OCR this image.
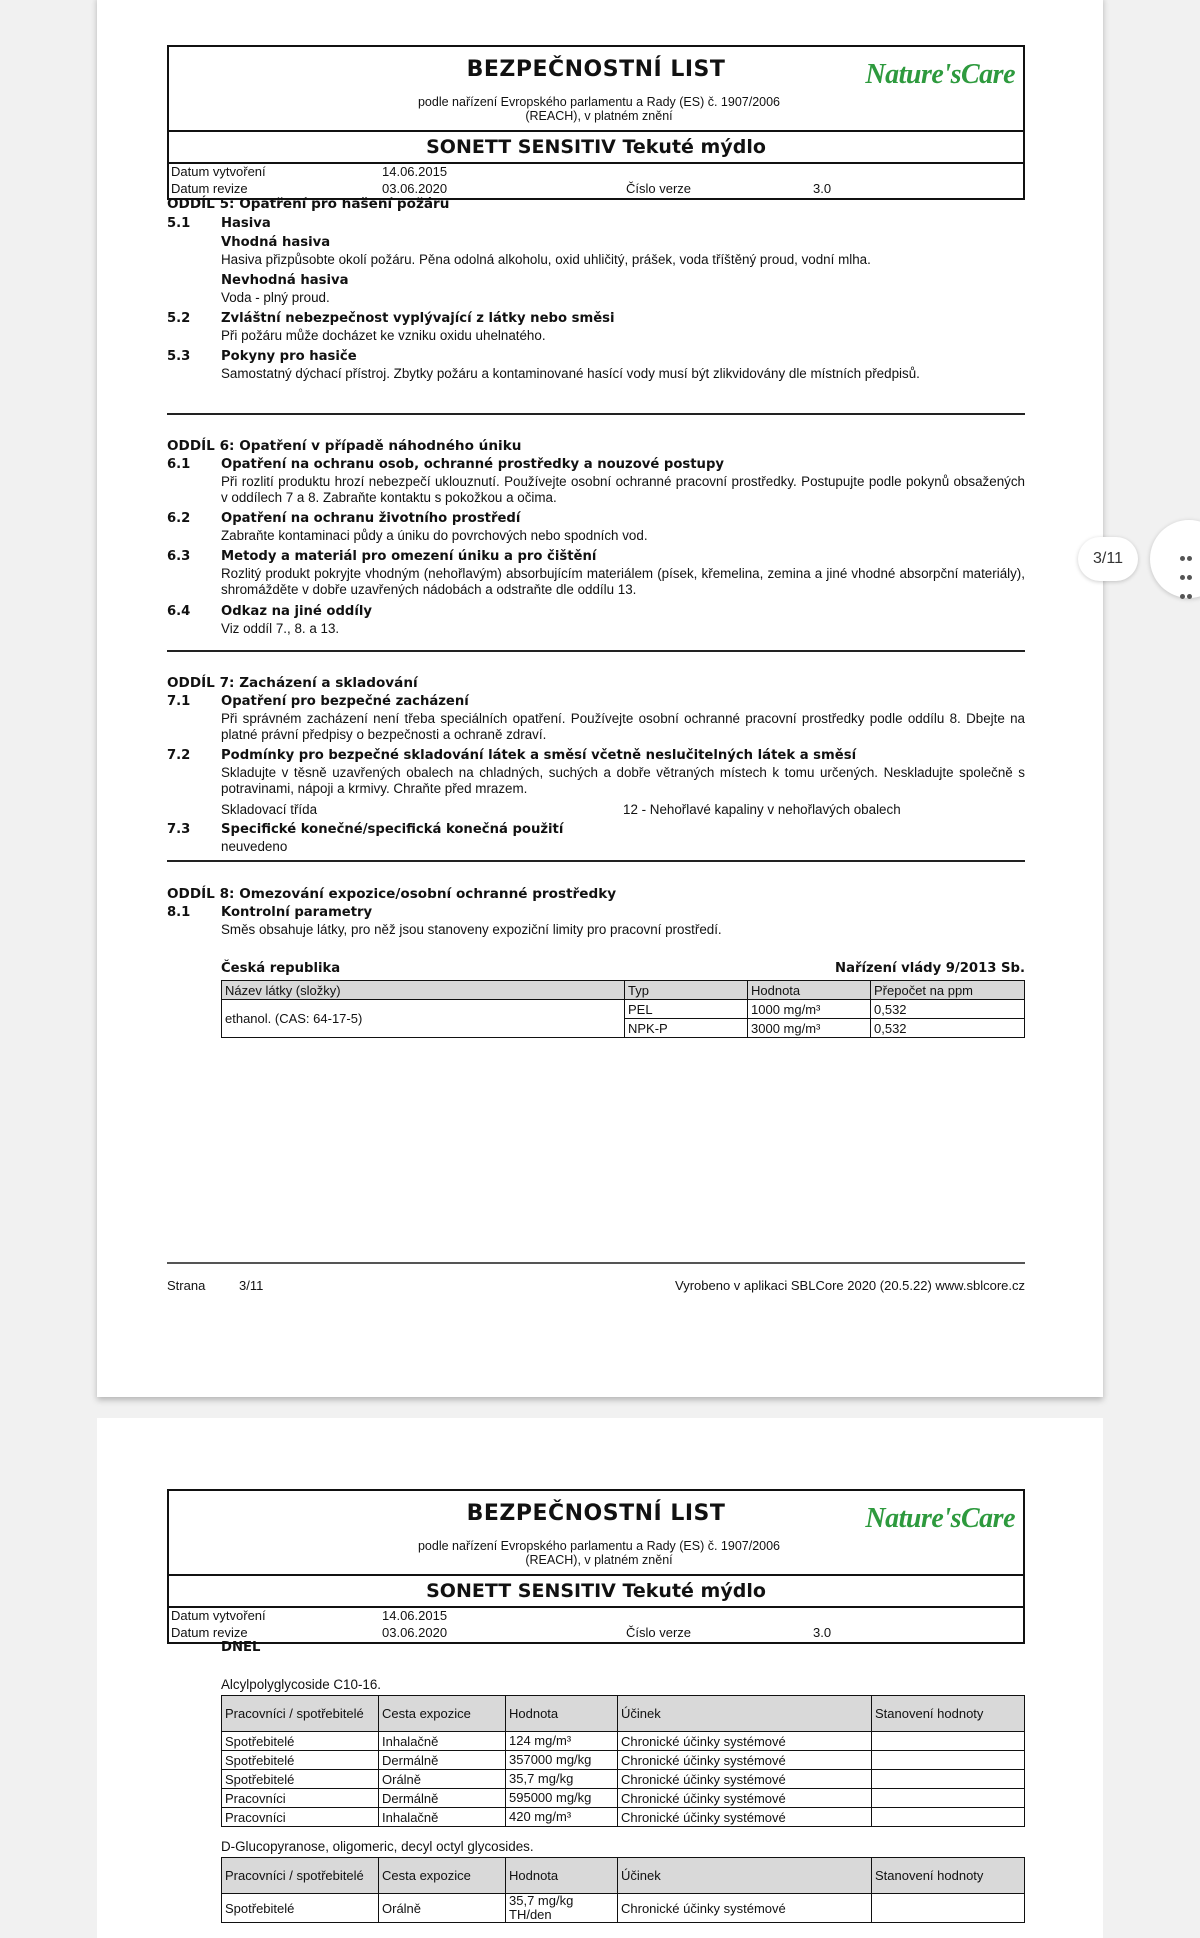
BEZPEČNOSTNÍ LIST
podle nařízení Evropského parlamentu a Rady (ES) č. 1907/2006
(REACH), v platném znění
Nature'sCare
SONETT SENSITIV Tekuté mýdlo
Datum vytvoření	14.06.2015
Datum revize	03.06.2020	Číslo verze	3.0
ODDÍL 5: Opatření pro hašení požáru
5.1 Hasiva
Vhodná hasiva
Hasiva přizpůsobte okolí požáru. Pěna odolná alkoholu, oxid uhličitý, prášek, voda tříštěný proud, vodní mlha.
Nevhodná hasiva
Voda - plný proud.
5.2 Zvláštní nebezpečnost vyplývající z látky nebo směsi
Při požáru může docházet ke vzniku oxidu uhelnatého.
5.3 Pokyny pro hasiče
Samostatný dýchací přístroj. Zbytky požáru a kontaminované hasící vody musí být zlikvidovány dle místních předpisů.
ODDÍL 6: Opatření v případě náhodného úniku
6.1 Opatření na ochranu osob, ochranné prostředky a nouzové postupy
Při rozlití produktu hrozí nebezpečí uklouznutí. Používejte osobní ochranné pracovní prostředky. Postupujte podle pokynů obsažených v oddílech 7 a 8. Zabraňte kontaktu s pokožkou a očima.
6.2 Opatření na ochranu životního prostředí
Zabraňte kontaminaci půdy a úniku do povrchových nebo spodních vod.
6.3 Metody a materiál pro omezení úniku a pro čištění
Rozlitý produkt pokryjte vhodným (nehořlavým) absorbujícím materiálem (písek, křemelina, zemina a jiné vhodné absorpční materiály), shromážděte v dobře uzavřených nádobách a odstraňte dle oddílu 13.
6.4 Odkaz na jiné oddíly
Viz oddíl 7., 8. a 13.
ODDÍL 7: Zacházení a skladování
7.1 Opatření pro bezpečné zacházení
Při správném zacházení není třeba speciálních opatření. Používejte osobní ochranné pracovní prostředky podle oddílu 8. Dbejte na platné právní předpisy o bezpečnosti a ochraně zdraví.
7.2 Podmínky pro bezpečné skladování látek a směsí včetně neslučitelných látek a směsí
Skladujte v těsně uzavřených obalech na chladných, suchých a dobře větraných místech k tomu určených. Neskladujte společně s potravinami, nápoji a krmivy. Chraňte před mrazem.
Skladovací třída	12 - Nehořlavé kapaliny v nehořlavých obalech
7.3 Specifické konečné/specifická konečná použití
neuvedeno
ODDÍL 8: Omezování expozice/osobní ochranné prostředky
8.1 Kontrolní parametry
Směs obsahuje látky, pro něž jsou stanoveny expoziční limity pro pracovní prostředí.
Česká republika	Nařízení vlády 9/2013 Sb.
Název látky (složky)	Typ	Hodnota	Přepočet na ppm
ethanol. (CAS: 64-17-5)	PEL	1000 mg/m³	0,532
	NPK-P	3000 mg/m³	0,532
Strana	3/11	Vyrobeno v aplikaci SBLCore 2020 (20.5.22) www.sblcore.cz
BEZPEČNOSTNÍ LIST
podle nařízení Evropského parlamentu a Rady (ES) č. 1907/2006
(REACH), v platném znění
Nature'sCare
SONETT SENSITIV Tekuté mýdlo
Datum vytvoření	14.06.2015
Datum revize	03.06.2020	Číslo verze	3.0
DNEL
Alcylpolyglycoside C10-16.
Pracovníci / spotřebitelé	Cesta expozice	Hodnota	Účinek	Stanovení hodnoty
Spotřebitelé	Inhalačně	124 mg/m³	Chronické účinky systémové	
Spotřebitelé	Dermálně	357000 mg/kg	Chronické účinky systémové	
Spotřebitelé	Orálně	35,7 mg/kg	Chronické účinky systémové	
Pracovníci	Dermálně	595000 mg/kg	Chronické účinky systémové	
Pracovníci	Inhalačně	420 mg/m³	Chronické účinky systémové	
D-Glucopyranose, oligomeric, decyl octyl glycosides.
Pracovníci / spotřebitelé	Cesta expozice	Hodnota	Účinek	Stanovení hodnoty
Spotřebitelé	Orálně	35,7 mg/kg TH/den	Chronické účinky systémové	
3/11
